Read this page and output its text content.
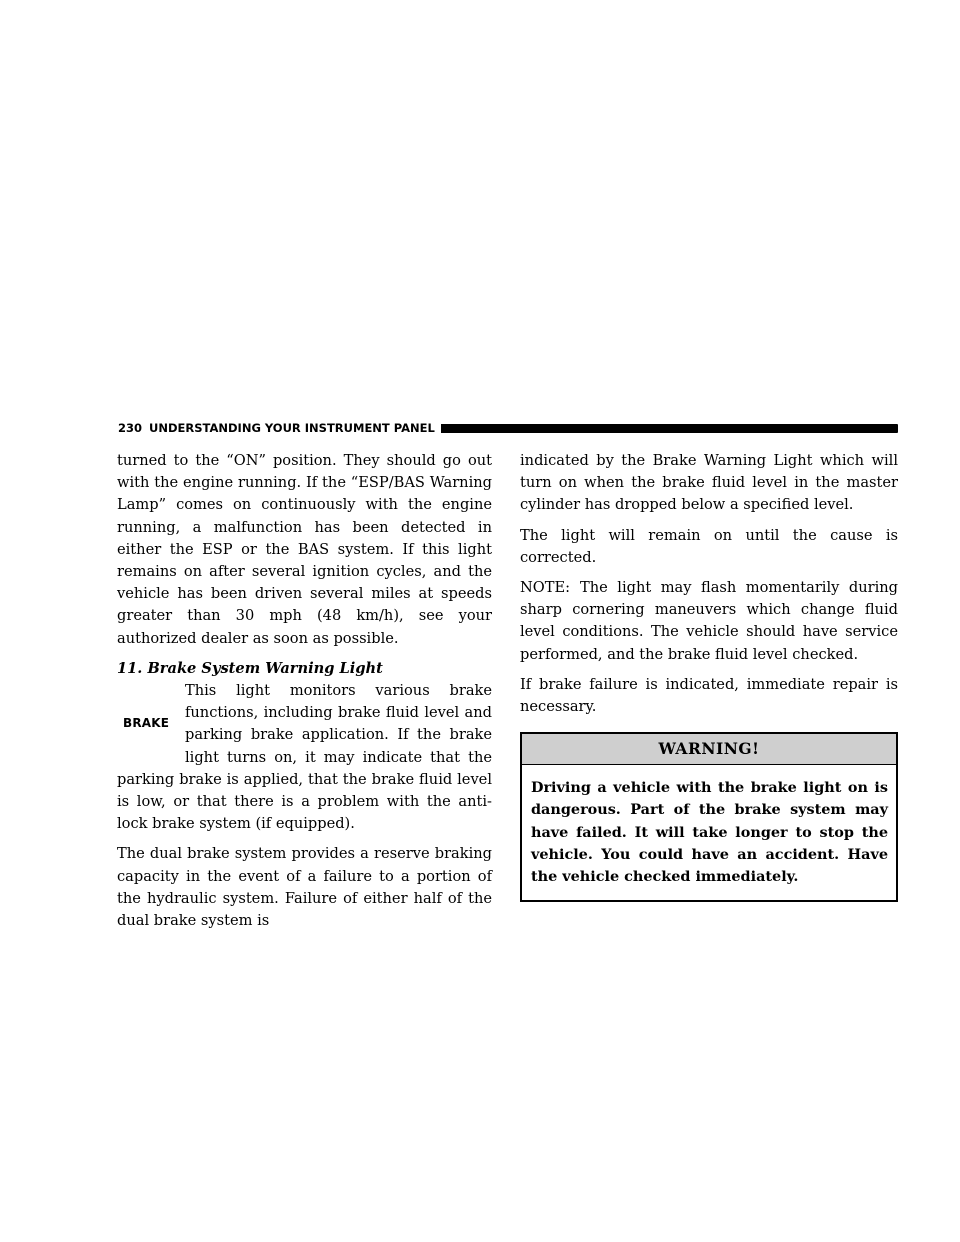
230 UNDERSTANDING YOUR INSTRUMENT PANEL

turned to the “ON” position. They should go out with the engine running. If the “ESP/BAS Warning Lamp” comes on continuously with the engine running, a malfunction has been detected in either the ESP or the BAS system. If this light remains on after several ignition cycles, and the vehicle has been driven several miles at speeds greater than 30 mph (48 km/h), see your authorized dealer as soon as possible.

11. Brake System Warning Light
BRAKE
This light monitors various brake functions, including brake fluid level and parking brake application. If the brake light turns on, it may indicate that the parking brake is applied, that the brake fluid level is low, or that there is a problem with the anti-lock brake system (if equipped).

The dual brake system provides a reserve braking capacity in the event of a failure to a portion of the hydraulic system. Failure of either half of the dual brake system is

indicated by the Brake Warning Light which will turn on when the brake fluid level in the master cylinder has dropped below a specified level.

The light will remain on until the cause is corrected.

NOTE: The light may flash momentarily during sharp cornering maneuvers which change fluid level conditions. The vehicle should have service performed, and the brake fluid level checked.

If brake failure is indicated, immediate repair is necessary.

WARNING!
Driving a vehicle with the brake light on is dangerous. Part of the brake system may have failed. It will take longer to stop the vehicle. You could have an accident. Have the vehicle checked immediately.
